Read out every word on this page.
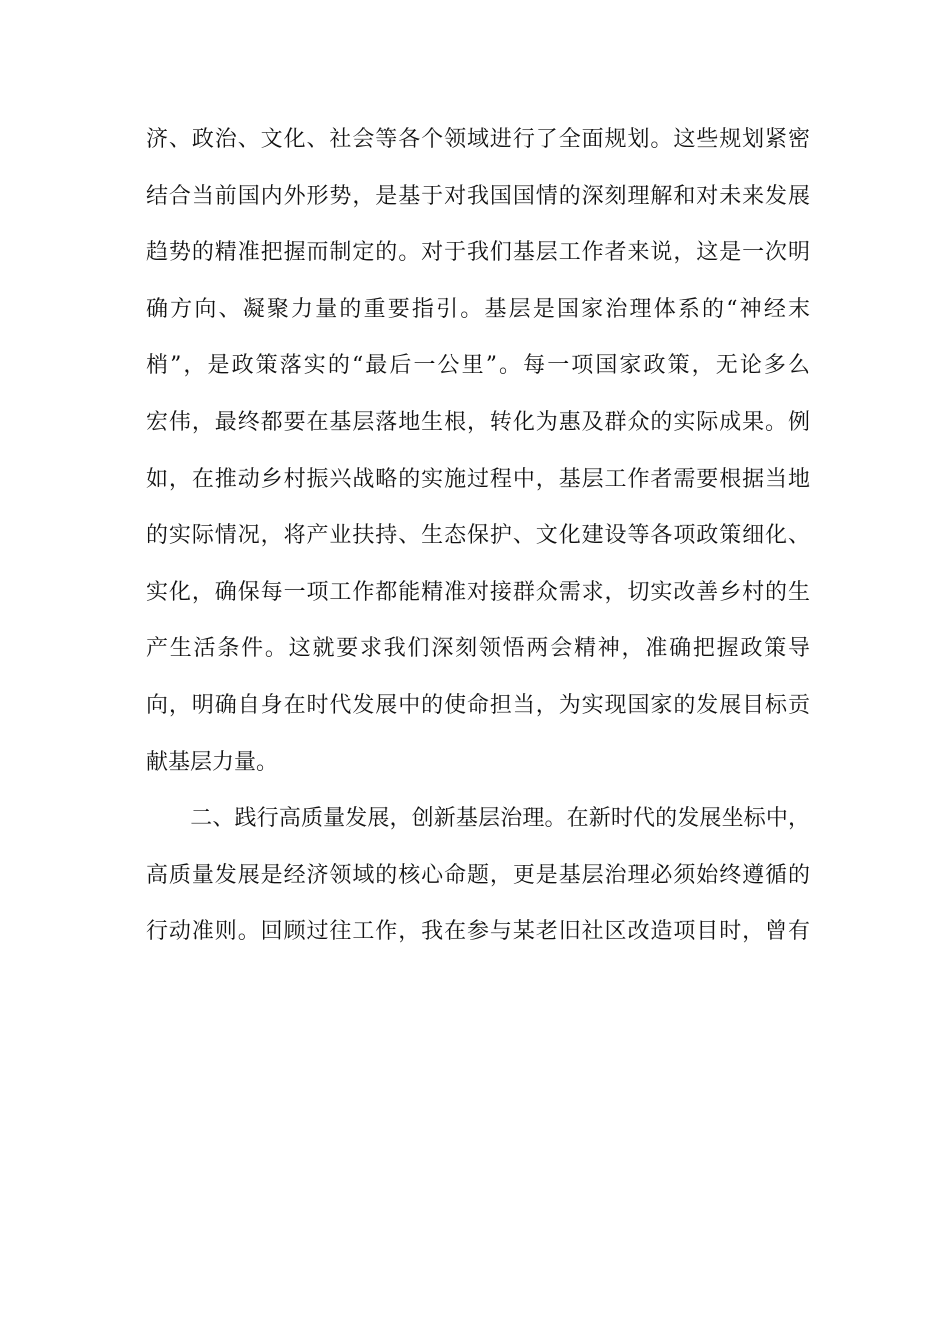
济、政治、文化、社会等各个领域进行了全面规划。这些规划紧密
结合当前国内外形势，是基于对我国国情的深刻理解和对未来发展
趋势的精准把握而制定的。对于我们基层工作者来说，这是一次明
确方向、凝聚力量的重要指引。基层是国家治理体系的“神经末
梢”，是政策落实的“最后一公里”。每一项国家政策，无论多么
宏伟，最终都要在基层落地生根，转化为惠及群众的实际成果。例
如，在推动乡村振兴战略的实施过程中，基层工作者需要根据当地
的实际情况，将产业扶持、生态保护、文化建设等各项政策细化、
实化，确保每一项工作都能精准对接群众需求，切实改善乡村的生
产生活条件。这就要求我们深刻领悟两会精神，准确把握政策导
向，明确自身在时代发展中的使命担当，为实现国家的发展目标贡
献基层力量。
　　二、践行高质量发展，创新基层治理。在新时代的发展坐标中，
高质量发展是经济领域的核心命题，更是基层治理必须始终遵循的
行动准则。回顾过往工作，我在参与某老旧社区改造项目时，曾有
